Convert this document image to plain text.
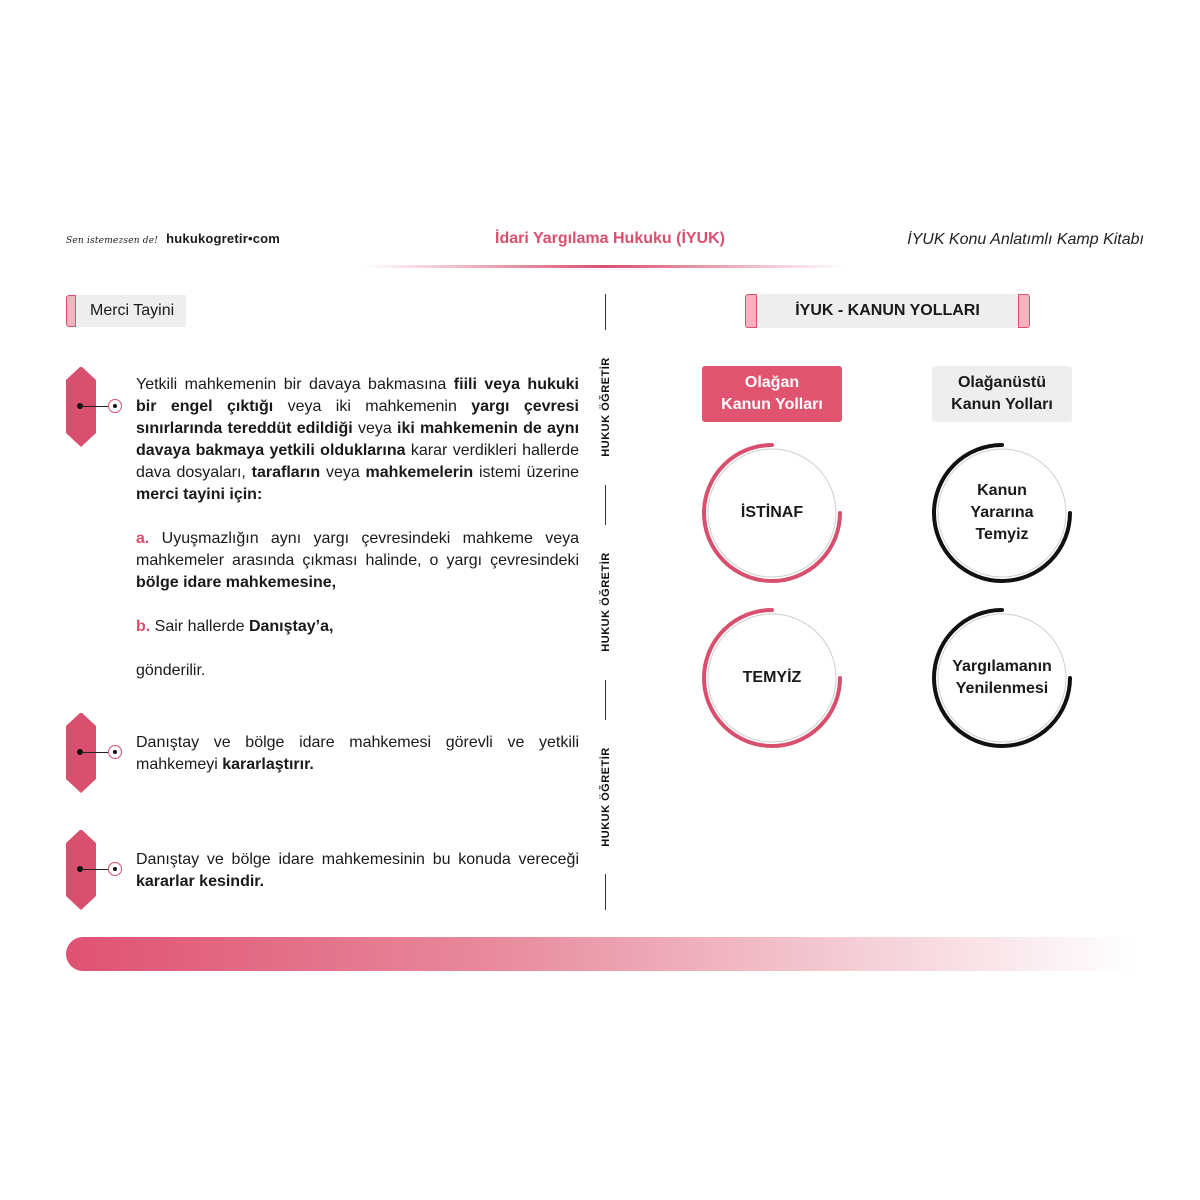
Sen istemezsen de! hukukogretir•com	İdari Yargılama Hukuku (İYUK)	İYUK Konu Anlatımlı Kamp Kitabı
Merci Tayini
Yetkili mahkemenin bir davaya bakmasına fiili veya hukuki bir engel çıktığı veya iki mahkemenin yargı çevresi sınırlarında tereddüt edildiği veya iki mahkemenin de aynı davaya bakmaya yetkili olduklarına karar verdikleri hallerde dava dosyaları, tarafların veya mahkemelerin istemi üzerine merci tayini için:
a. Uyuşmazlığın aynı yargı çevresindeki mahkeme veya mahkemeler arasında çıkması halinde, o yargı çevresindeki bölge idare mahkemesine,
b. Sair hallerde Danıştay’a,
gönderilir.
Danıştay ve bölge idare mahkemesi görevli ve yetkili mahkemeyi kararlaştırır.
Danıştay ve bölge idare mahkemesinin bu konuda vereceği kararlar kesindir.
HUKUK ÖĞRETİR
HUKUK ÖĞRETİR
HUKUK ÖĞRETİR
İYUK - KANUN YOLLARI
Olağan
Kanun Yolları
Olağanüstü
Kanun Yolları
İSTİNAF
TEMYİZ
Kanun
Yararına
Temyiz
Yargılamanın
Yenilenmesi
